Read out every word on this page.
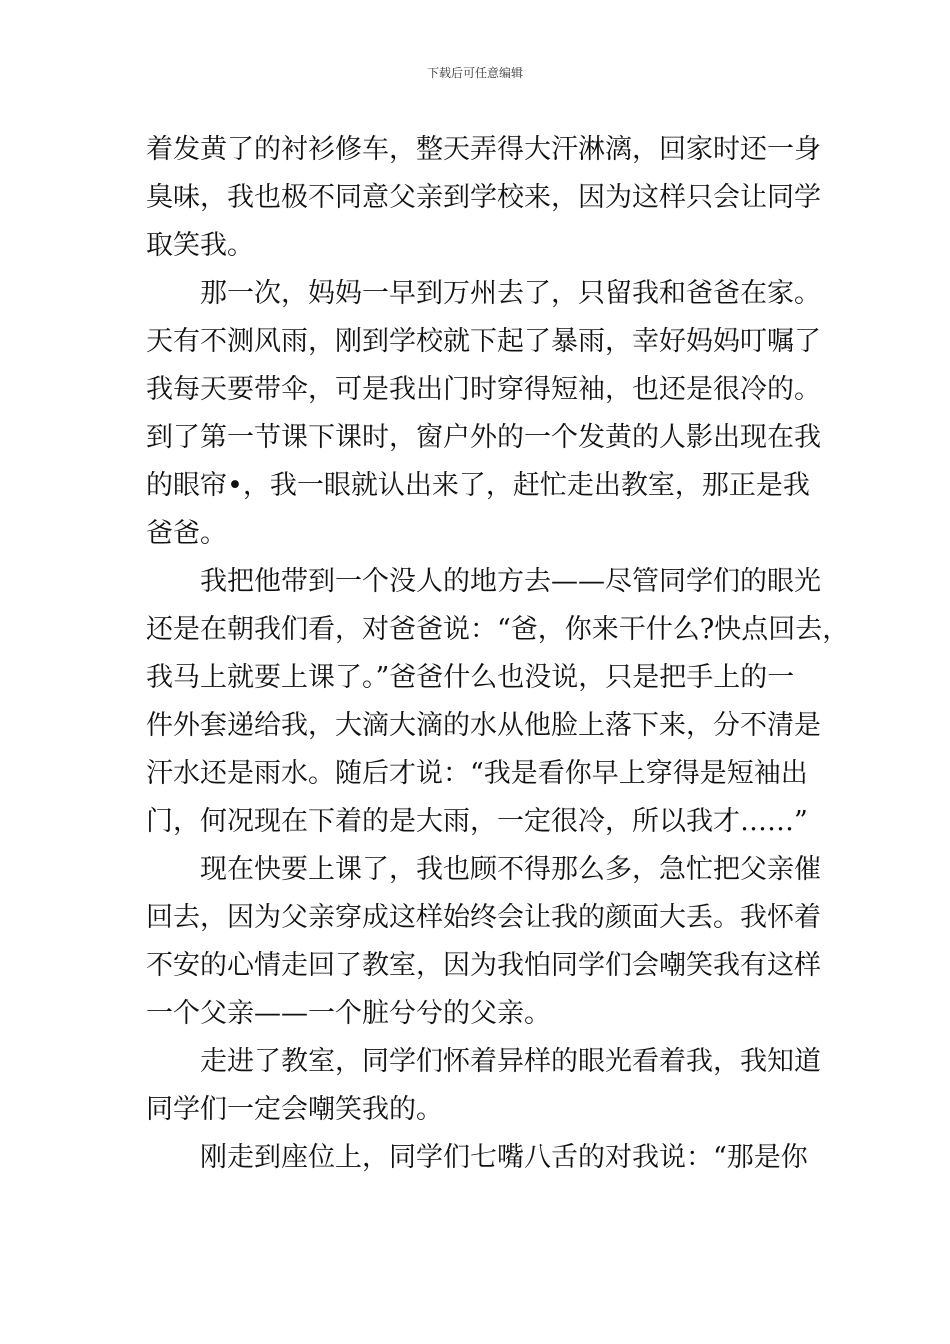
下载后可任意编辑
着发黄了的衬衫修车，整天弄得大汗淋漓，回家时还一身
臭味，我也极不同意父亲到学校来，因为这样只会让同学
取笑我。
　　那一次，妈妈一早到万州去了，只留我和爸爸在家。
天有不测风雨，刚到学校就下起了暴雨，幸好妈妈叮嘱了
我每天要带伞，可是我出门时穿得短袖，也还是很冷的。
到了第一节课下课时，窗户外的一个发黄的人影出现在我
的眼帘•，我一眼就认出来了，赶忙走出教室，那正是我
爸爸。
　　我把他带到一个没人的地方去——尽管同学们的眼光
还是在朝我们看，对爸爸说：“爸，你来干什么?快点回去，
我马上就要上课了。”爸爸什么也没说，只是把手上的一
件外套递给我，大滴大滴的水从他脸上落下来，分不清是
汗水还是雨水。随后才说：“我是看你早上穿得是短袖出
门，何况现在下着的是大雨，一定很冷，所以我才……”
　　现在快要上课了，我也顾不得那么多，急忙把父亲催
回去，因为父亲穿成这样始终会让我的颜面大丢。我怀着
不安的心情走回了教室，因为我怕同学们会嘲笑我有这样
一个父亲——一个脏兮兮的父亲。
　　走进了教室，同学们怀着异样的眼光看着我，我知道
同学们一定会嘲笑我的。
　　刚走到座位上，同学们七嘴八舌的对我说：“那是你
